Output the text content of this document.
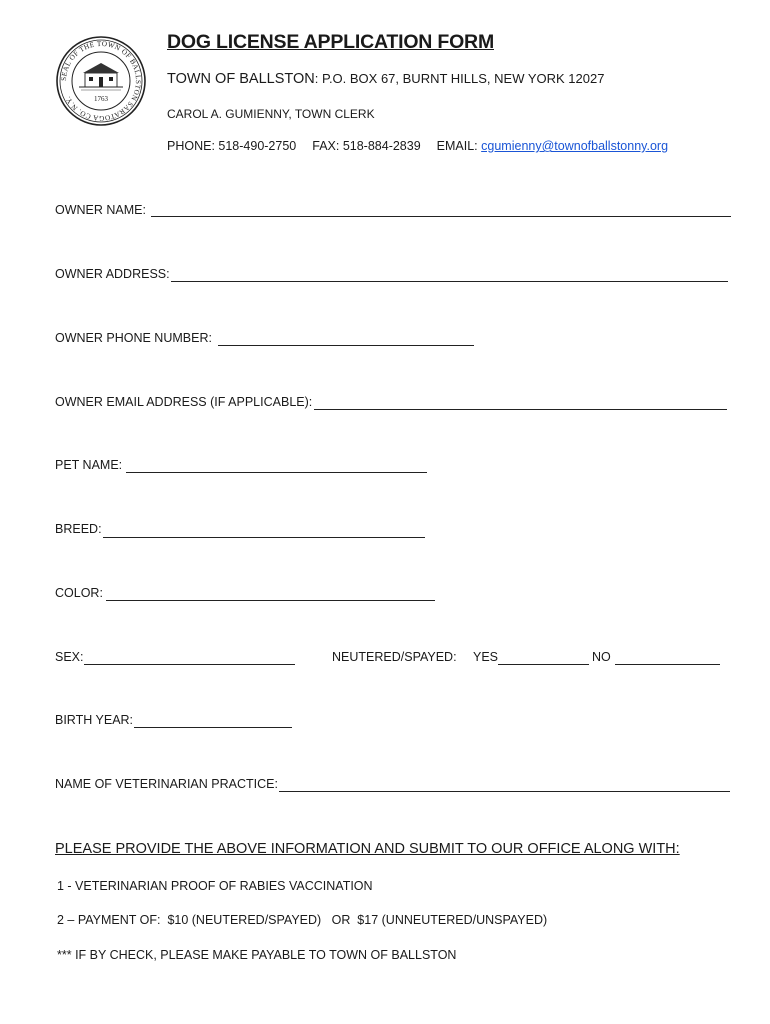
SEAL OF THE TOWN OF BALLSTON SARATOGA CO. N.Y.	1763
DOG LICENSE APPLICATION FORM
TOWN OF BALLSTON: P.O. BOX 67, BURNT HILLS, NEW YORK 12027
CAROL A. GUMIENNY, TOWN CLERK
PHONE: 518-490-2750 FAX: 518-884-2839 EMAIL: cgumienny@townofballstonny.org
OWNER NAME:
OWNER ADDRESS:
OWNER PHONE NUMBER:
OWNER EMAIL ADDRESS (IF APPLICABLE):
PET NAME:
BREED:
COLOR:
SEX:	NEUTERED/SPAYED: YES	NO
BIRTH YEAR:
NAME OF VETERINARIAN PRACTICE:
PLEASE PROVIDE THE ABOVE INFORMATION AND SUBMIT TO OUR OFFICE ALONG WITH:
1 - VETERINARIAN PROOF OF RABIES VACCINATION
2 – PAYMENT OF:  $10 (NEUTERED/SPAYED)   OR  $17 (UNNEUTERED/UNSPAYED)
*** IF BY CHECK, PLEASE MAKE PAYABLE TO TOWN OF BALLSTON
